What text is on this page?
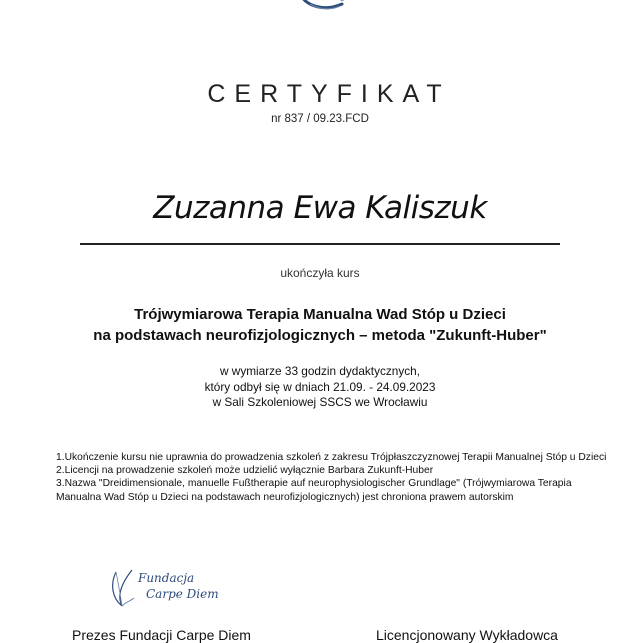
CERTYFIKAT
nr 837 / 09.23.FCD
Zuzanna Ewa Kaliszuk
ukończyła kurs
Trójwymiarowa Terapia Manualna Wad Stóp u Dzieci
na podstawach neurofizjologicznych – metoda "Zukunft-Huber"
w wymiarze 33 godzin dydaktycznych,
który odbył się w dniach 21.09. - 24.09.2023
w Sali Szkoleniowej SSCS we Wrocławiu
1.Ukończenie kursu nie uprawnia do prowadzenia szkoleń z zakresu Trójpłaszczyznowej Terapii Manualnej Stóp u Dzieci
2.Licencji na prowadzenie szkoleń może udzielić wyłącznie Barbara Zukunft-Huber
3.Nazwa "Dreidimensionale, manuelle Fußtherapie auf neurophysiologischer Grundlage" (Trójwymiarowa Terapia
Manualna Wad Stóp u Dzieci na podstawach neurofizjologicznych) jest chroniona prawem autorskim
Fundacja
Carpe Diem
Prezes Fundacji Carpe Diem	Licencjonowany Wykładowca
